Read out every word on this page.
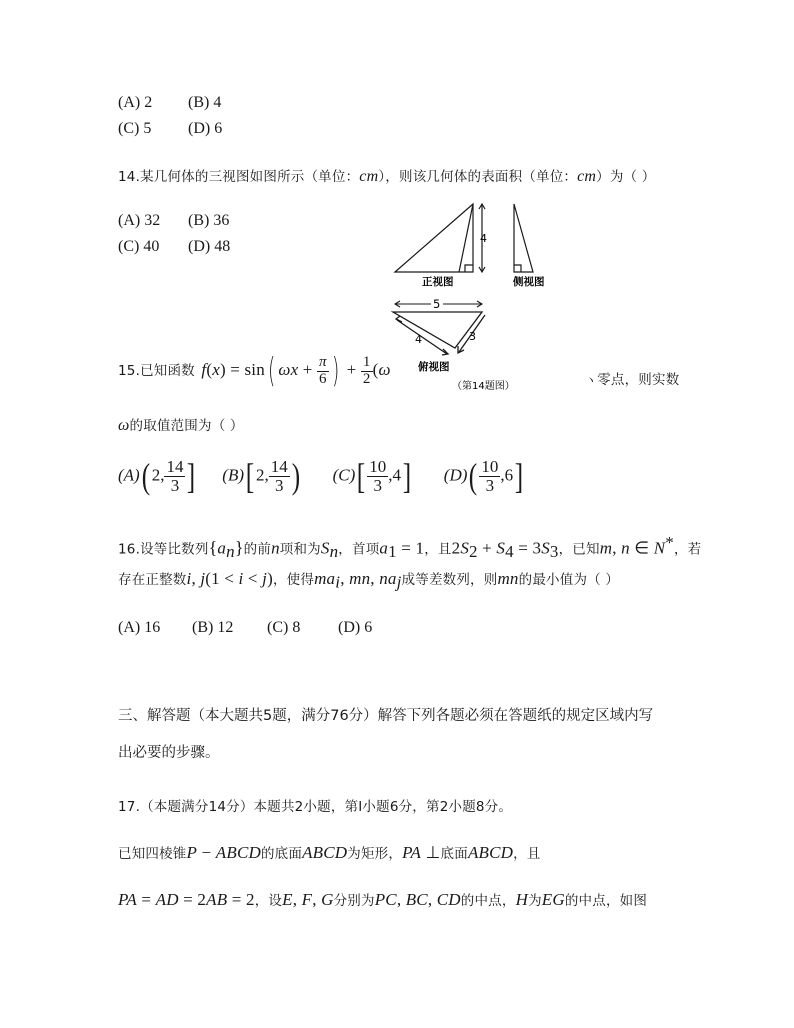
(A) 2 (B) 4
(C) 5 (D) 6
14.某几何体的三视图如图所示（单位：cm），则该几何体的表面积（单位：cm）为（ ）
(A) 32 (B) 36
(C) 40 (D) 48	4
正视图	侧视图
5
4	3
俯视图
（第14题图）
15.已知函数 f(x) = sin( $\omega x + \frac{\pi}{6}$ ) + $\frac{1}{2} (\omega$
ヽ零点，则实数
ω的取值范围为（ ）
(A)( 2, $\frac{14}{3}$ ] (B)[ 2, $\frac{14}{3}$ ) $(C)[ \frac{10}{3} ,4]$ $(D)( \frac{10}{3} ,6]$
16.设等比数列$\{a_n\}$的前n项和为$S_n$，首项$a_1 = 1$，且$2S_2 + S_4 = 3S_3$，已知m, n ∈ N*，若
存在正整数i, j(1 < i < j)，使得$ma_i$, mn, $na_j$成等差数列，则mn的最小值为（ ）
(A) 16 (B) 12 (C) 8 (D) 6
三、解答题（本大题共5题，满分76分）解答下列各题必须在答题纸的规定区域内写
出必要的步骤。
17.（本题满分14分）本题共2小题，第Ⅰ小题6分，第2小题8分。
已知四棱锥P − ABCD的底面ABCD为矩形，PA ⊥底面ABCD，且
PA = AD = 2AB = 2，设E, F, G分别为PC, BC, CD的中点，H为EG的中点，如图
